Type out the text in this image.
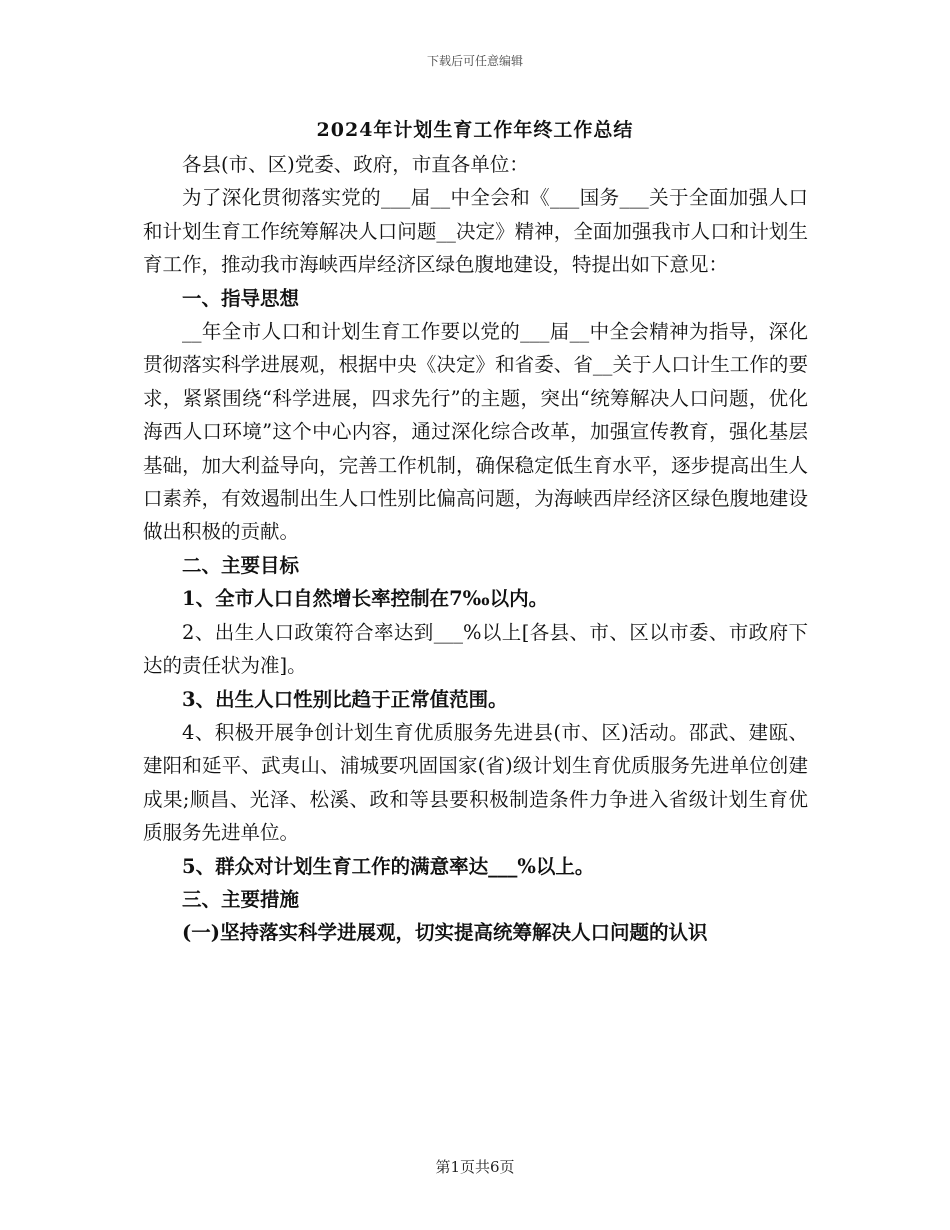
下载后可任意编辑
2024年计划生育工作年终工作总结

各县(市、区)党委、政府，市直各单位：

为了深化贯彻落实党的___届__中全会和《___国务___关于全面加强人口和计划生育工作统筹解决人口问题__决定》精神，全面加强我市人口和计划生育工作，推动我市海峡西岸经济区绿色腹地建设，特提出如下意见：

一、指导思想

__年全市人口和计划生育工作要以党的___届__中全会精神为指导，深化贯彻落实科学进展观，根据中央《决定》和省委、省__关于人口计生工作的要求，紧紧围绕“科学进展，四求先行”的主题，突出“统筹解决人口问题，优化海西人口环境”这个中心内容，通过深化综合改革，加强宣传教育，强化基层基础，加大利益导向，完善工作机制，确保稳定低生育水平，逐步提高出生人口素养，有效遏制出生人口性别比偏高问题，为海峡西岸经济区绿色腹地建设做出积极的贡献。

二、主要目标

1、全市人口自然增长率控制在7‰以内。

2、出生人口政策符合率达到___%以上[各县、市、区以市委、市政府下达的责任状为准]。

3、出生人口性别比趋于正常值范围。

4、积极开展争创计划生育优质服务先进县(市、区)活动。邵武、建瓯、建阳和延平、武夷山、浦城要巩固国家(省)级计划生育优质服务先进单位创建成果;顺昌、光泽、松溪、政和等县要积极制造条件力争进入省级计划生育优质服务先进单位。

5、群众对计划生育工作的满意率达___%以上。

三、主要措施

(一)坚持落实科学进展观，切实提高统筹解决人口问题的认识

第1页共6页
